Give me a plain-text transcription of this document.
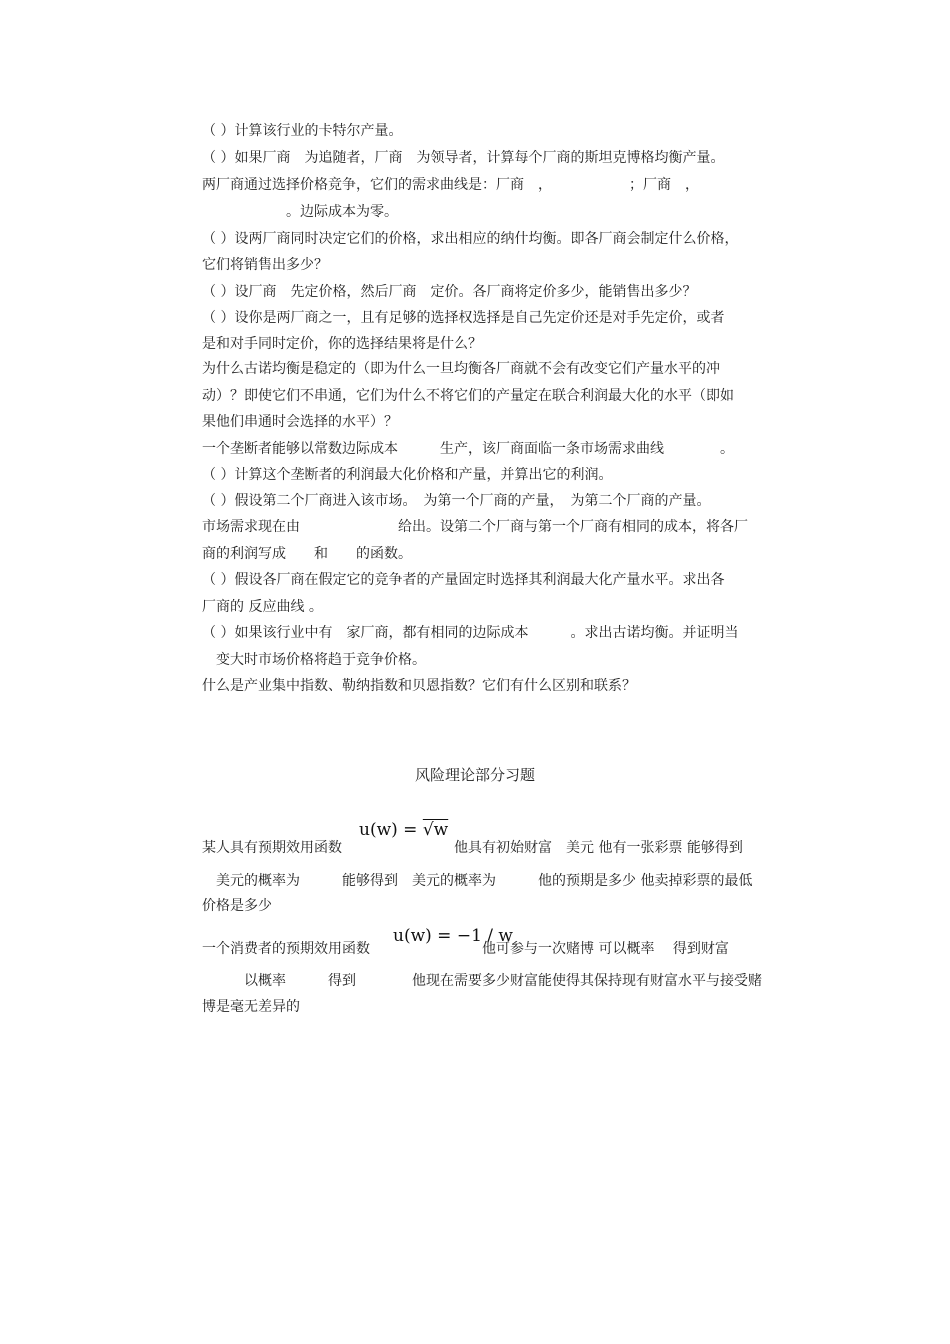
（ ）计算该行业的卡特尔产量。
（ ）如果厂商　为追随者，厂商　为领导者，计算每个厂商的斯坦克博格均衡产量。
两厂商通过选择价格竞争，它们的需求曲线是：厂商　，　　　　　　；厂商　，
　　　　　　。边际成本为零。
（ ）设两厂商同时决定它们的价格，求出相应的纳什均衡。即各厂商会制定什么价格，
它们将销售出多少？
（ ）设厂商　先定价格，然后厂商　定价。各厂商将定价多少，能销售出多少？
（ ）设你是两厂商之一，且有足够的选择权选择是自己先定价还是对手先定价，或者
是和对手同时定价，你的选择结果将是什么？
为什么古诺均衡是稳定的（即为什么一旦均衡各厂商就不会有改变它们产量水平的冲
动）？即使它们不串通，它们为什么不将它们的产量定在联合利润最大化的水平（即如
果他们串通时会选择的水平）？
一个垄断者能够以常数边际成本　　　生产，该厂商面临一条市场需求曲线　　　　。
（ ）计算这个垄断者的利润最大化价格和产量，并算出它的利润。
（ ）假设第二个厂商进入该市场。　为第一个厂商的产量，　为第二个厂商的产量。
市场需求现在由　　　　　　　给出。设第二个厂商与第一个厂商有相同的成本，将各厂
商的利润写成　　和　　的函数。
（ ）假设各厂商在假定它的竞争者的产量固定时选择其利润最大化产量水平。求出各
厂商的 反应曲线 。
（ ）如果该行业中有　家厂商，都有相同的边际成本　　　。求出古诺均衡。并证明当
　变大时市场价格将趋于竞争价格。
什么是产业集中指数、勒纳指数和贝恩指数？它们有什么区别和联系？
风险理论部分习题
u(w) = √w
某人具有预期效用函数　　　　　　　　他具有初始财富　美元 他有一张彩票 能够得到
　美元的概率为　　　能够得到　美元的概率为　　　他的预期是多少 他卖掉彩票的最低
价格是多少
u(w) = −1 / w
一个消费者的预期效用函数　　　　　　　　他可参与一次赌博 可以概率　 得到财富
　　　以概率　　　得到　　　　他现在需要多少财富能使得其保持现有财富水平与接受赌
博是毫无差异的
